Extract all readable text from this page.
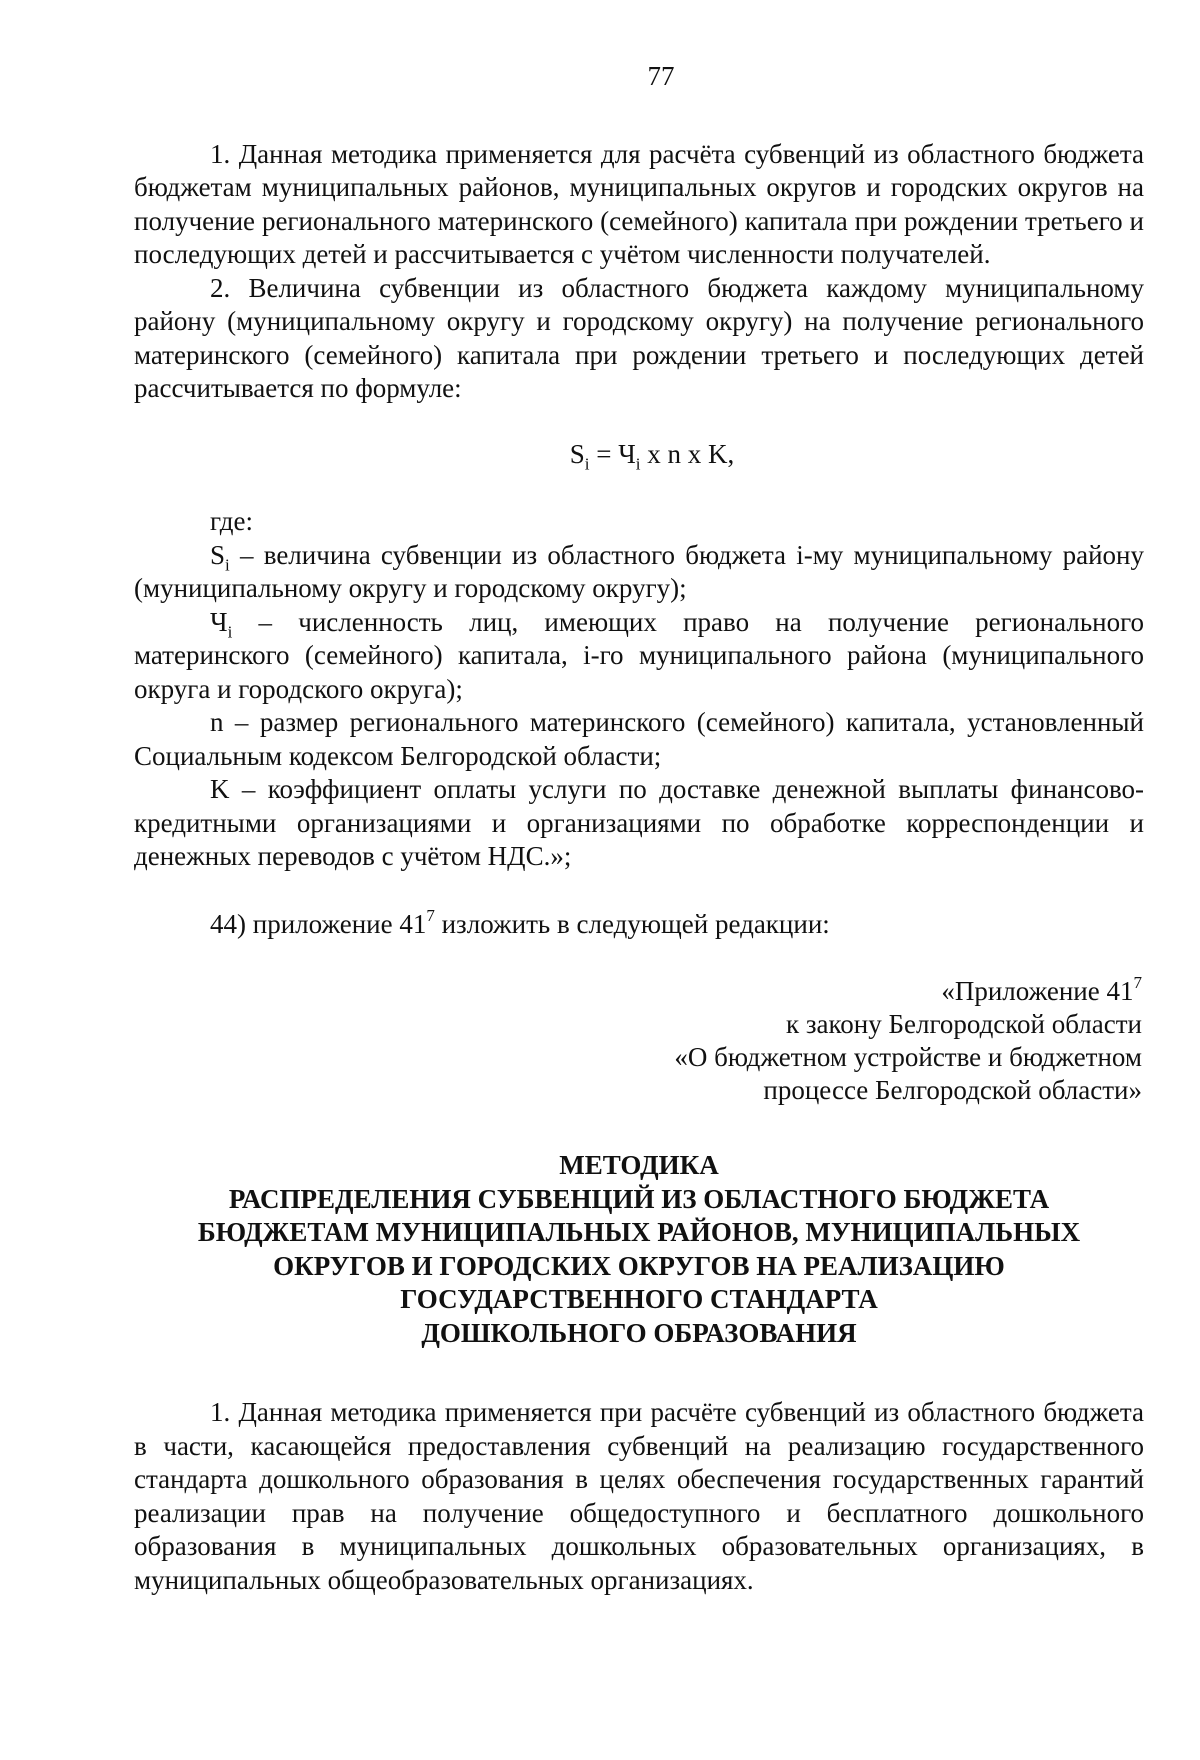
77

1. Данная методика применяется для расчёта субвенций из областного бюджета бюджетам муниципальных районов, муниципальных округов и городских округов на получение регионального материнского (семейного) капитала при рождении третьего и последующих детей и рассчитывается с учётом численности получателей.

2. Величина субвенции из областного бюджета каждому муниципальному району (муниципальному округу и городскому округу) на получение регионального материнского (семейного) капитала при рождении третьего и последующих детей рассчитывается по формуле:

$S_i = Ч_i$ x n x K,

где:

$S_i$ – величина субвенции из областного бюджета i-му муниципальному району (муниципальному округу и городскому округу);

$Ч_i$ – численность лиц, имеющих право на получение регионального материнского (семейного) капитала, i-го муниципального района (муниципального округа и городского округа);

n – размер регионального материнского (семейного) капитала, установленный Социальным кодексом Белгородской области;

K – коэффициент оплаты услуги по доставке денежной выплаты финансово-кредитными организациями и организациями по обработке корреспонденции и денежных переводов с учётом НДС.»;

44) приложение $41^7$ изложить в следующей редакции:

«Приложение $41^7$
к закону Белгородской области
«О бюджетном устройстве и бюджетном
процессе Белгородской области»
МЕТОДИКА
РАСПРЕДЕЛЕНИЯ СУБВЕНЦИЙ ИЗ ОБЛАСТНОГО БЮДЖЕТА
БЮДЖЕТАМ МУНИЦИПАЛЬНЫХ РАЙОНОВ, МУНИЦИПАЛЬНЫХ
ОКРУГОВ И ГОРОДСКИХ ОКРУГОВ НА РЕАЛИЗАЦИЮ
ГОСУДАРСТВЕННОГО СТАНДАРТА
ДОШКОЛЬНОГО ОБРАЗОВАНИЯ

1. Данная методика применяется при расчёте субвенций из областного бюджета в части, касающейся предоставления субвенций на реализацию государственного стандарта дошкольного образования в целях обеспечения государственных гарантий реализации прав на получение общедоступного и бесплатного дошкольного образования в муниципальных дошкольных образовательных организациях, в муниципальных общеобразовательных организациях.
